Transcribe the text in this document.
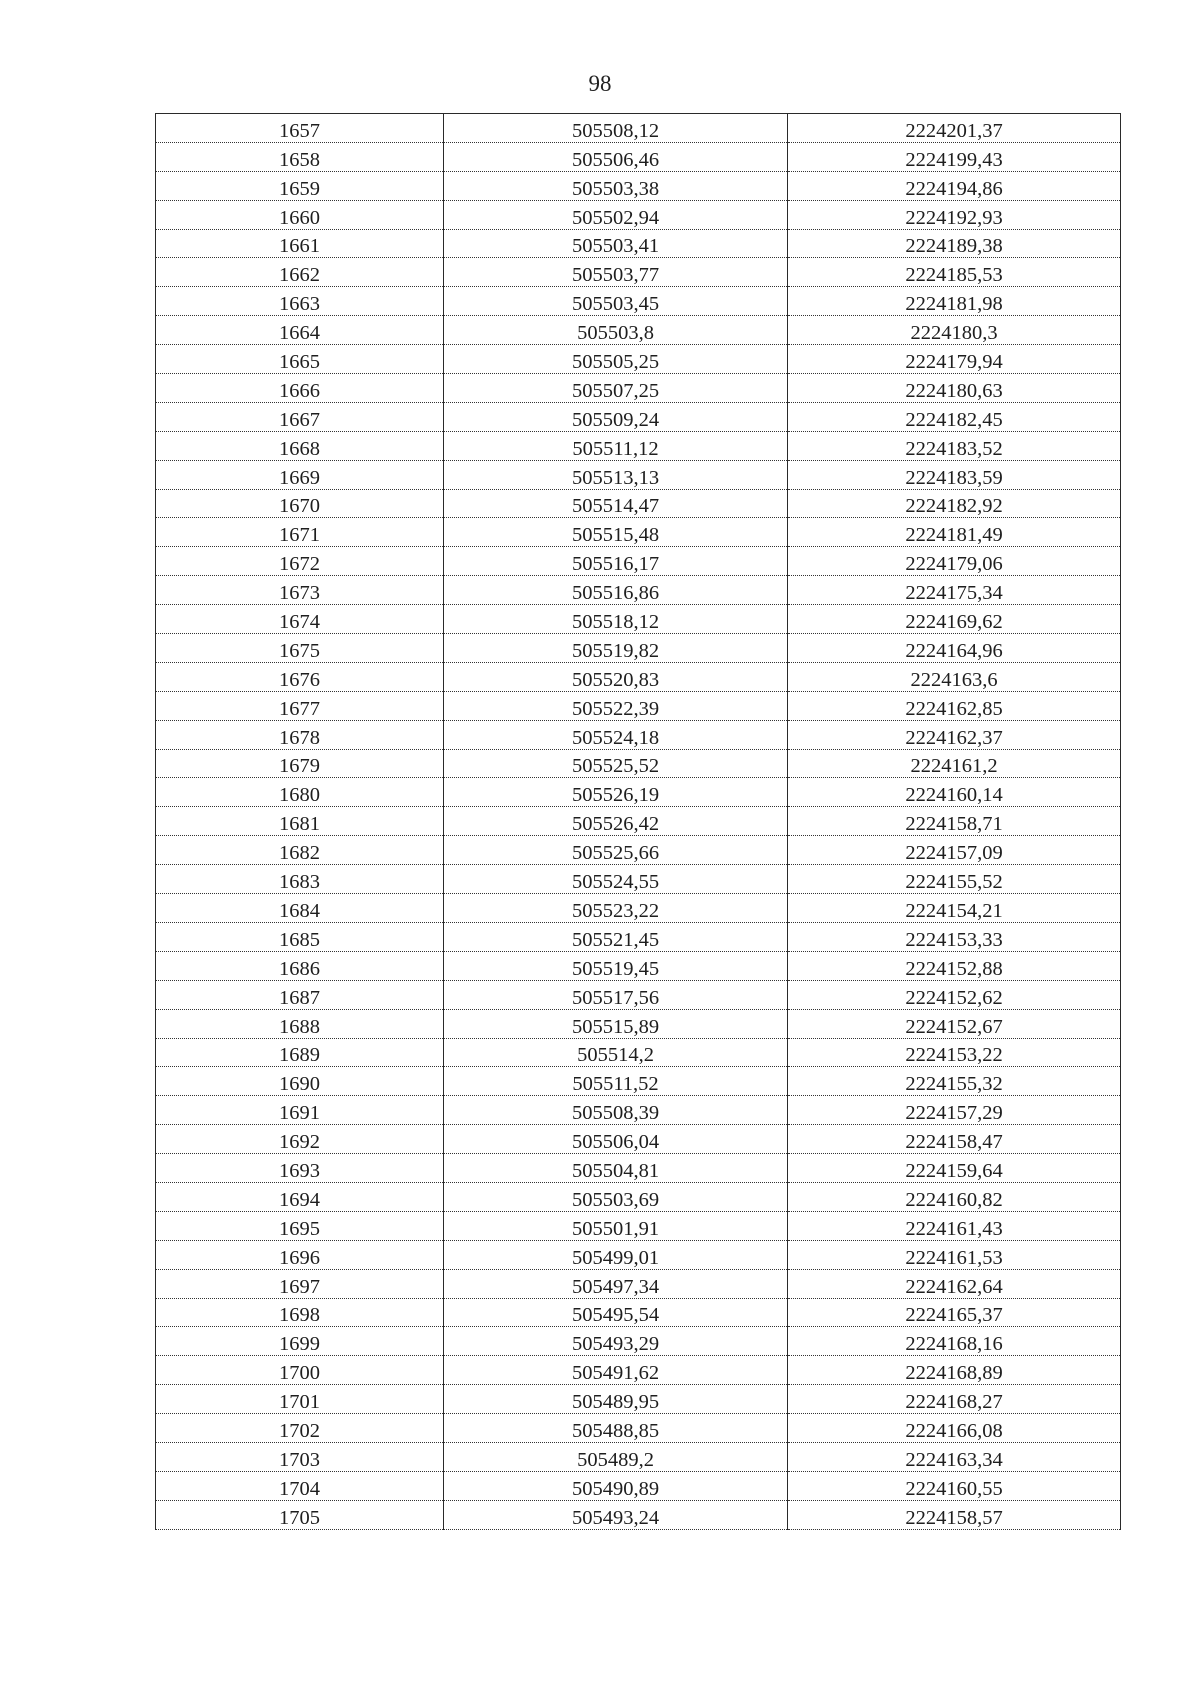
98
1657	505508,12	2224201,37
1658	505506,46	2224199,43
1659	505503,38	2224194,86
1660	505502,94	2224192,93
1661	505503,41	2224189,38
1662	505503,77	2224185,53
1663	505503,45	2224181,98
1664	505503,8	2224180,3
1665	505505,25	2224179,94
1666	505507,25	2224180,63
1667	505509,24	2224182,45
1668	505511,12	2224183,52
1669	505513,13	2224183,59
1670	505514,47	2224182,92
1671	505515,48	2224181,49
1672	505516,17	2224179,06
1673	505516,86	2224175,34
1674	505518,12	2224169,62
1675	505519,82	2224164,96
1676	505520,83	2224163,6
1677	505522,39	2224162,85
1678	505524,18	2224162,37
1679	505525,52	2224161,2
1680	505526,19	2224160,14
1681	505526,42	2224158,71
1682	505525,66	2224157,09
1683	505524,55	2224155,52
1684	505523,22	2224154,21
1685	505521,45	2224153,33
1686	505519,45	2224152,88
1687	505517,56	2224152,62
1688	505515,89	2224152,67
1689	505514,2	2224153,22
1690	505511,52	2224155,32
1691	505508,39	2224157,29
1692	505506,04	2224158,47
1693	505504,81	2224159,64
1694	505503,69	2224160,82
1695	505501,91	2224161,43
1696	505499,01	2224161,53
1697	505497,34	2224162,64
1698	505495,54	2224165,37
1699	505493,29	2224168,16
1700	505491,62	2224168,89
1701	505489,95	2224168,27
1702	505488,85	2224166,08
1703	505489,2	2224163,34
1704	505490,89	2224160,55
1705	505493,24	2224158,57
